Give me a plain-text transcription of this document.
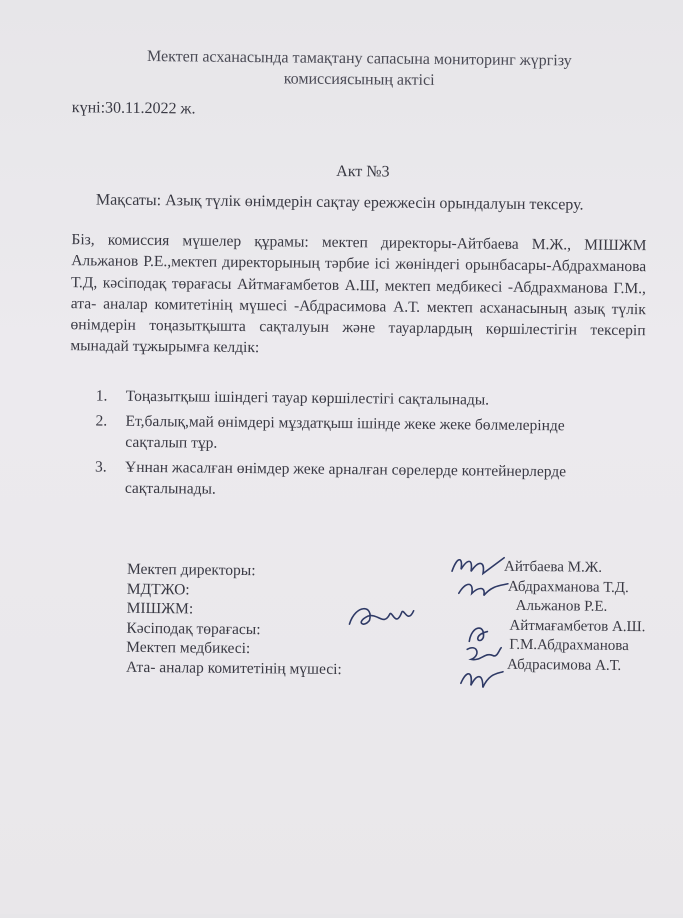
Мектеп асханасында тамақтану сапасына мониторинг жүргізу
комиссиясының актісі
күні:30.11.2022 ж.
Акт №3
Мақсаты: Азық түлік өнімдерін сақтау ережжесін орындалуын тексеру.
Біз, комиссия мүшелер құрамы: мектеп директоры-Айтбаева М.Ж., МІШЖМ Альжанов Р.Е.,мектеп директорының тәрбие ісі жөніндегі орынбасары-Абдрахманова Т.Д, кәсіподақ төрағасы Айтмағамбетов А.Ш, мектеп медбикесі -Абдрахманова Г.М., ата- аналар комитетінің мүшесі -Абдрасимова А.Т. мектеп асханасының азық түлік өнімдерін тоңазытқышта сақталуын және тауарлардың көршілестігін тексеріп мынадай тұжырымға келдік:
1. Тоңазытқыш ішіндегі тауар көршілестігі сақталынады.
2. Ет,балық,май өнімдері мұздатқыш ішінде жеке жеке бөлмелерінде сақталып тұр.
3. Ұннан жасалған өнімдер жеке арналған сөрелерде контейнерлерде сақталынады.
Мектеп директоры:
МДТЖО:
МІШЖМ:
Кәсіподақ төрағасы:
Мектеп медбикесі:
Ата- аналар комитетінің мүшесі:
Айтбаева М.Ж.
Абдрахманова Т.Д.
Альжанов Р.Е.
Айтмағамбетов А.Ш.
Г.М.Абдрахманова
Абдрасимова А.Т.
